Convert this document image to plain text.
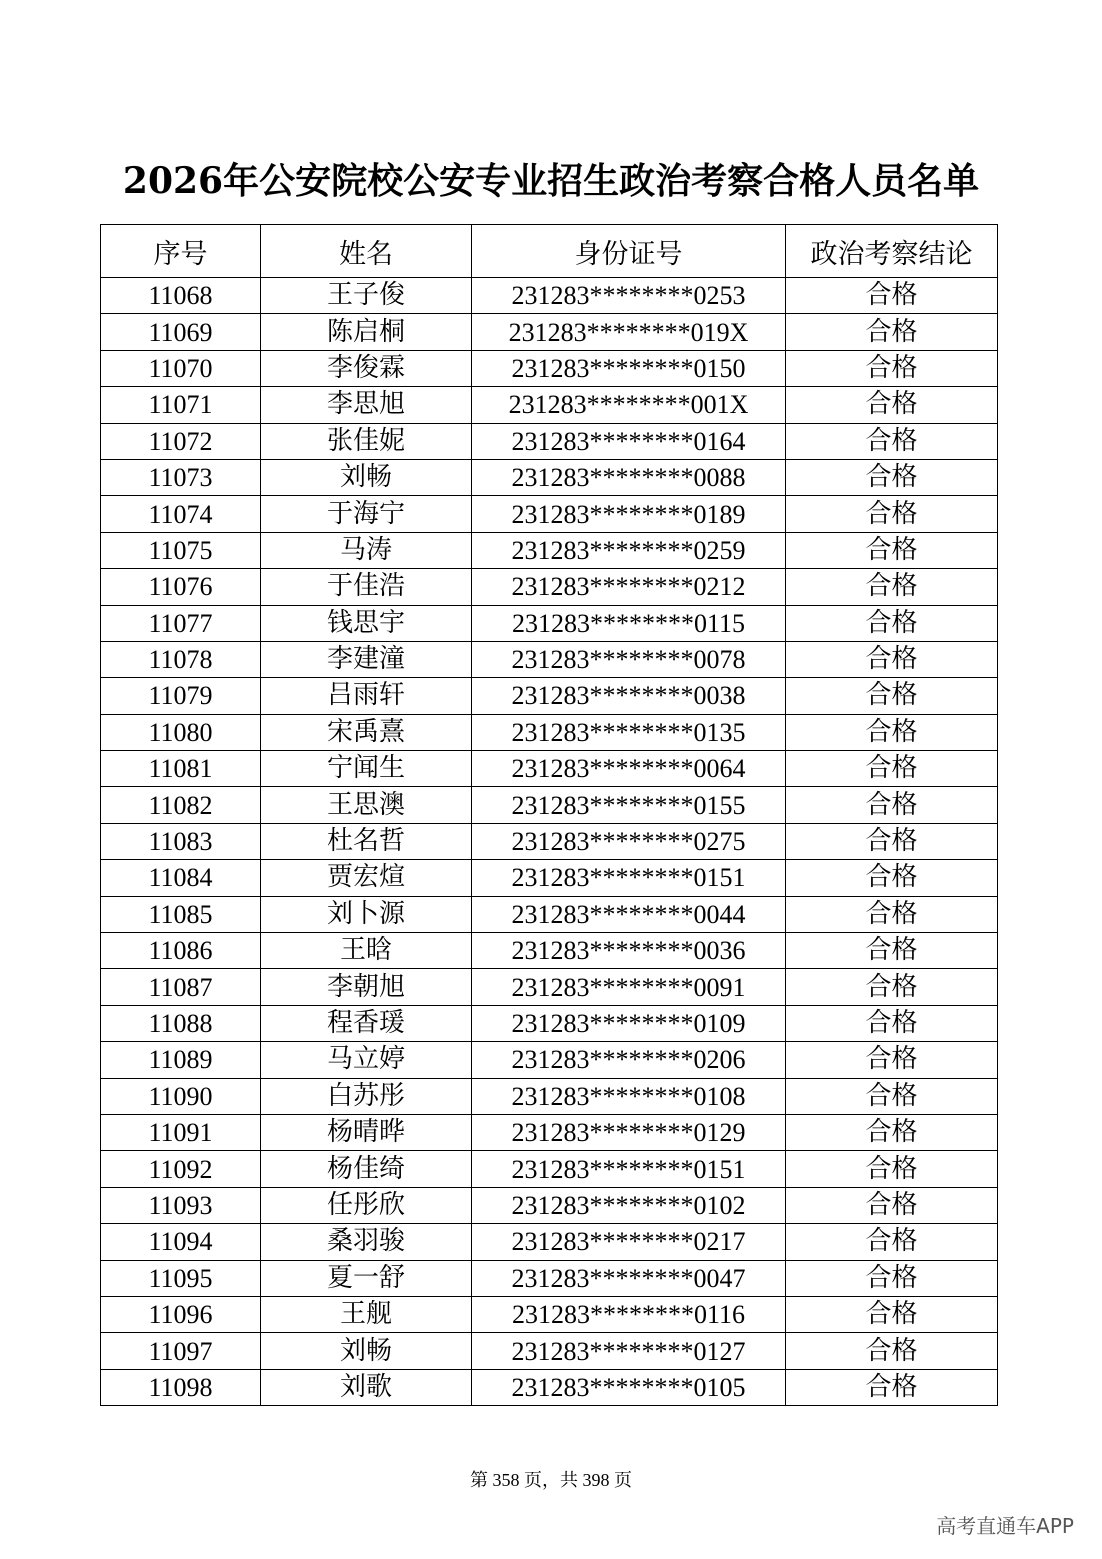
2026年公安院校公安专业招生政治考察合格人员名单
序号	姓名	身份证号	政治考察结论
11068	王子俊	231283********0253	合格
11069	陈启桐	231283********019X	合格
11070	李俊霖	231283********0150	合格
11071	李思旭	231283********001X	合格
11072	张佳妮	231283********0164	合格
11073	刘畅	231283********0088	合格
11074	于海宁	231283********0189	合格
11075	马涛	231283********0259	合格
11076	于佳浩	231283********0212	合格
11077	钱思宇	231283********0115	合格
11078	李建潼	231283********0078	合格
11079	吕雨轩	231283********0038	合格
11080	宋禹熹	231283********0135	合格
11081	宁闻生	231283********0064	合格
11082	王思澳	231283********0155	合格
11083	杜名哲	231283********0275	合格
11084	贾宏煊	231283********0151	合格
11085	刘卜源	231283********0044	合格
11086	王晗	231283********0036	合格
11087	李朝旭	231283********0091	合格
11088	程香瑗	231283********0109	合格
11089	马立婷	231283********0206	合格
11090	白苏彤	231283********0108	合格
11091	杨晴晔	231283********0129	合格
11092	杨佳绮	231283********0151	合格
11093	任彤欣	231283********0102	合格
11094	桑羽骏	231283********0217	合格
11095	夏一舒	231283********0047	合格
11096	王舰	231283********0116	合格
11097	刘畅	231283********0127	合格
11098	刘歌	231283********0105	合格
第 358 页，共 398 页
高考直通车APP
